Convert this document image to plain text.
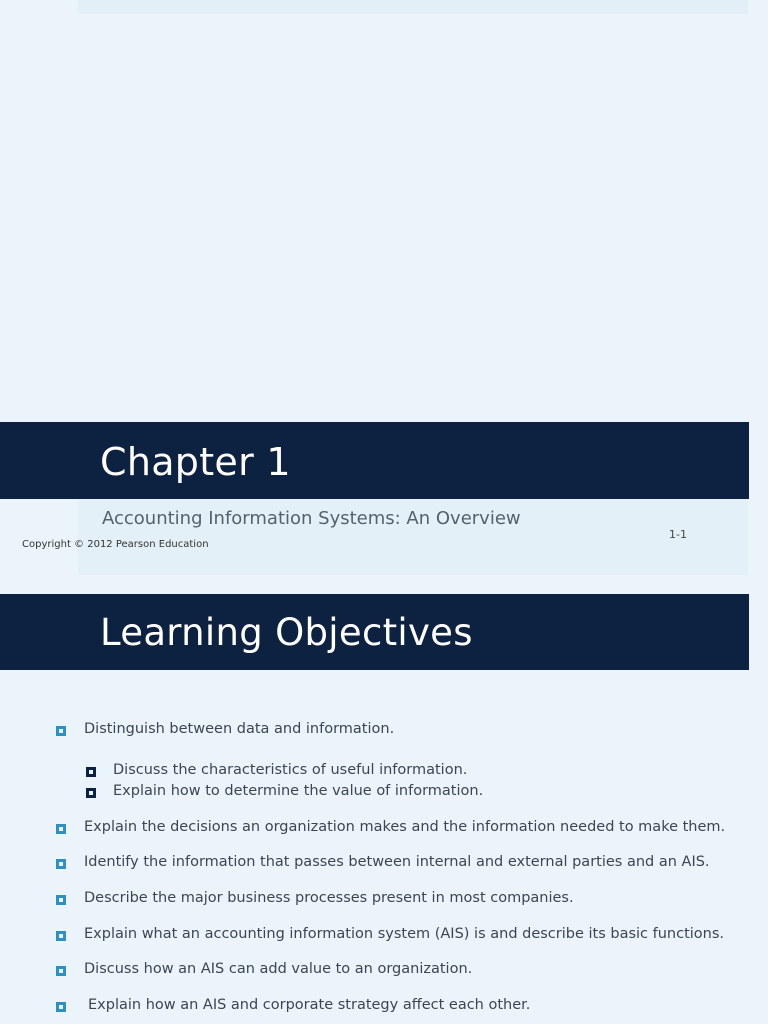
Chapter 1
Accounting Information Systems: An Overview
Copyright © 2012 Pearson Education
1-1
Learning Objectives
Distinguish between data and information.
Discuss the characteristics of useful information.
Explain how to determine the value of information.
Explain the decisions an organization makes and the information needed to make them.
Identify the information that passes between internal and external parties and an AIS.
Describe the major business processes present in most companies.
Explain what an accounting information system (AIS) is and describe its basic functions.
Discuss how an AIS can add value to an organization.
Explain how an AIS and corporate strategy affect each other.
